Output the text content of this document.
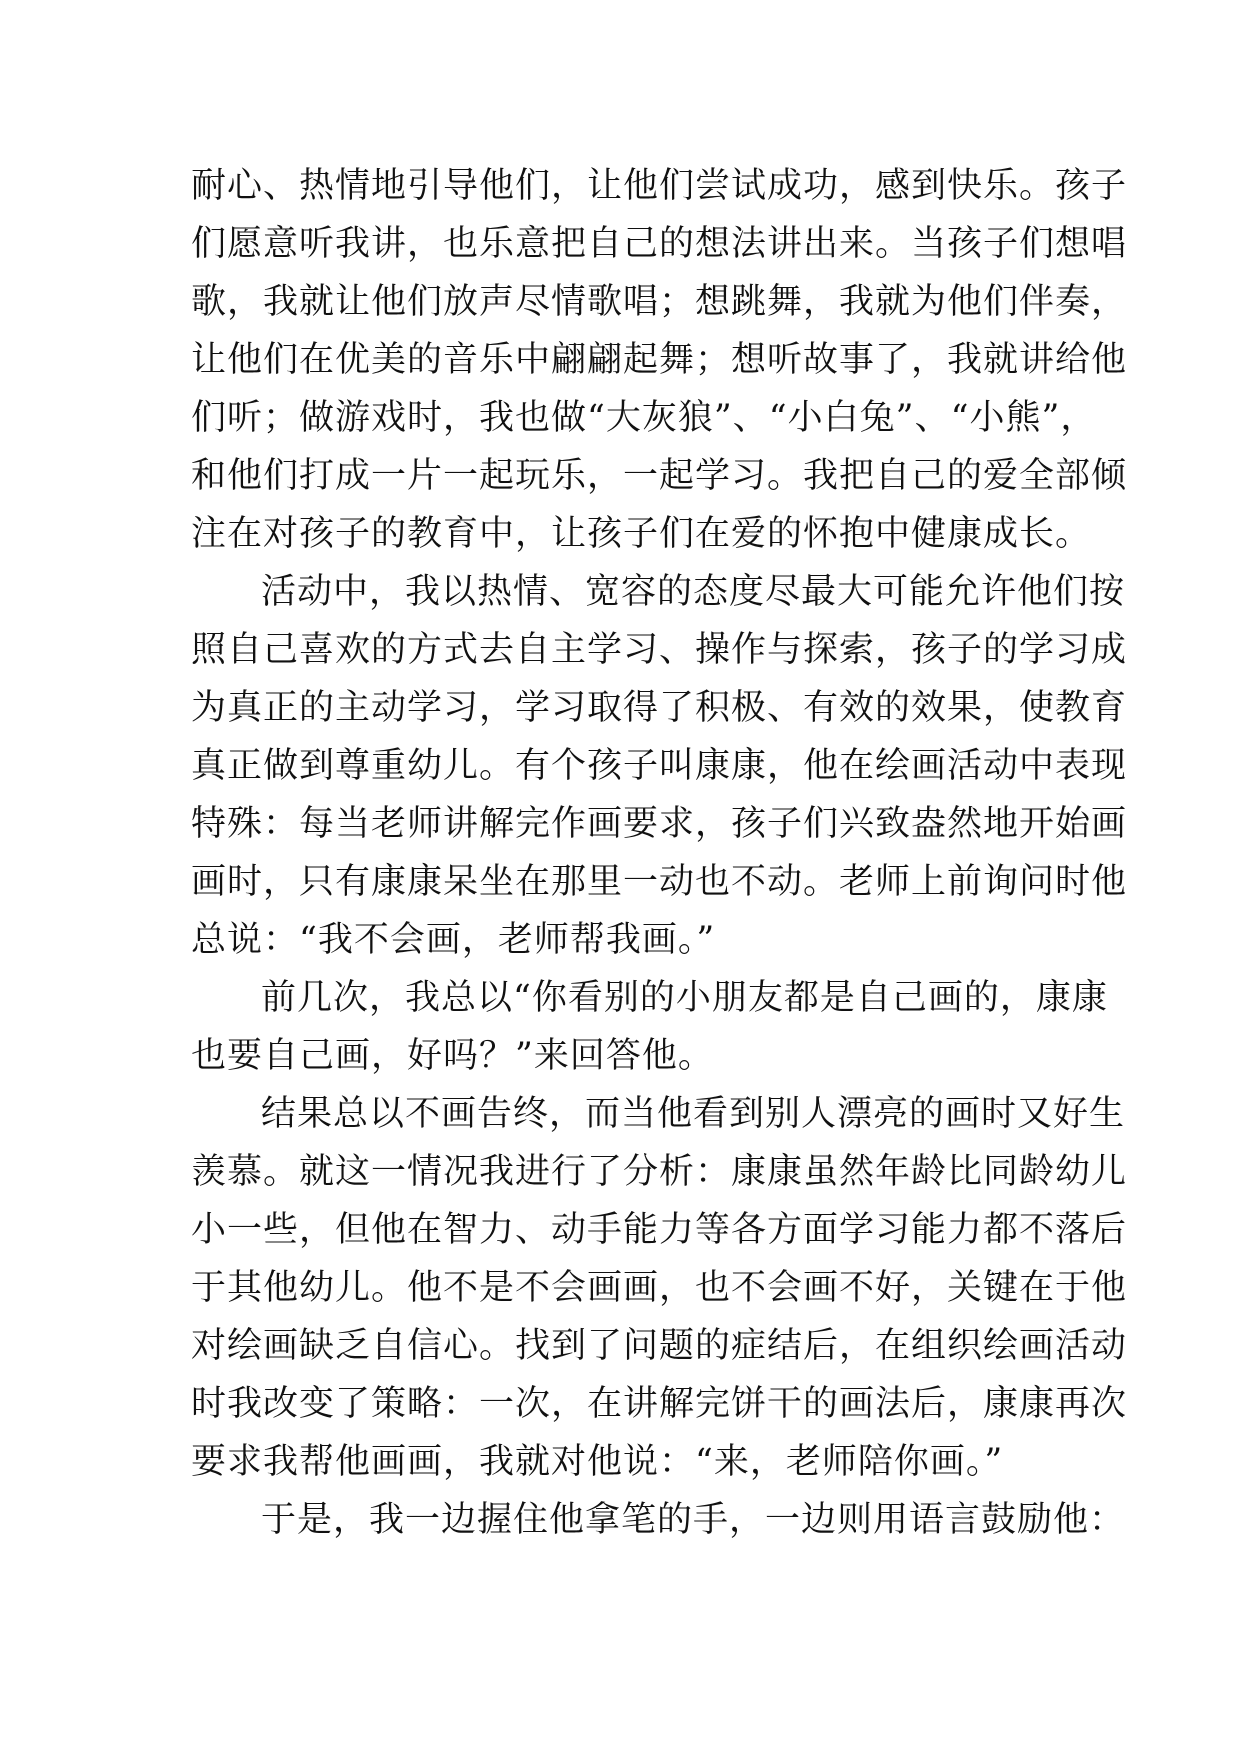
耐心、热情地引导他们，让他们尝试成功，感到快乐。孩子
们愿意听我讲，也乐意把自己的想法讲出来。当孩子们想唱
歌，我就让他们放声尽情歌唱；想跳舞，我就为他们伴奏，
让他们在优美的音乐中翩翩起舞；想听故事了，我就讲给他
们听；做游戏时，我也做“大灰狼”、“小白兔”、“小熊”，
和他们打成一片一起玩乐，一起学习。我把自己的爱全部倾
注在对孩子的教育中，让孩子们在爱的怀抱中健康成长。
活动中，我以热情、宽容的态度尽最大可能允许他们按
照自己喜欢的方式去自主学习、操作与探索，孩子的学习成
为真正的主动学习，学习取得了积极、有效的效果，使教育
真正做到尊重幼儿。有个孩子叫康康，他在绘画活动中表现
特殊：每当老师讲解完作画要求，孩子们兴致盎然地开始画
画时，只有康康呆坐在那里一动也不动。老师上前询问时他
总说：“我不会画，老师帮我画。”
前几次，我总以“你看别的小朋友都是自己画的，康康
也要自己画，好吗？”来回答他。
结果总以不画告终，而当他看到别人漂亮的画时又好生
羡慕。就这一情况我进行了分析：康康虽然年龄比同龄幼儿
小一些，但他在智力、动手能力等各方面学习能力都不落后
于其他幼儿。他不是不会画画，也不会画不好，关键在于他
对绘画缺乏自信心。找到了问题的症结后，在组织绘画活动
时我改变了策略：一次，在讲解完饼干的画法后，康康再次
要求我帮他画画，我就对他说：“来，老师陪你画。”
于是，我一边握住他拿笔的手，一边则用语言鼓励他：
